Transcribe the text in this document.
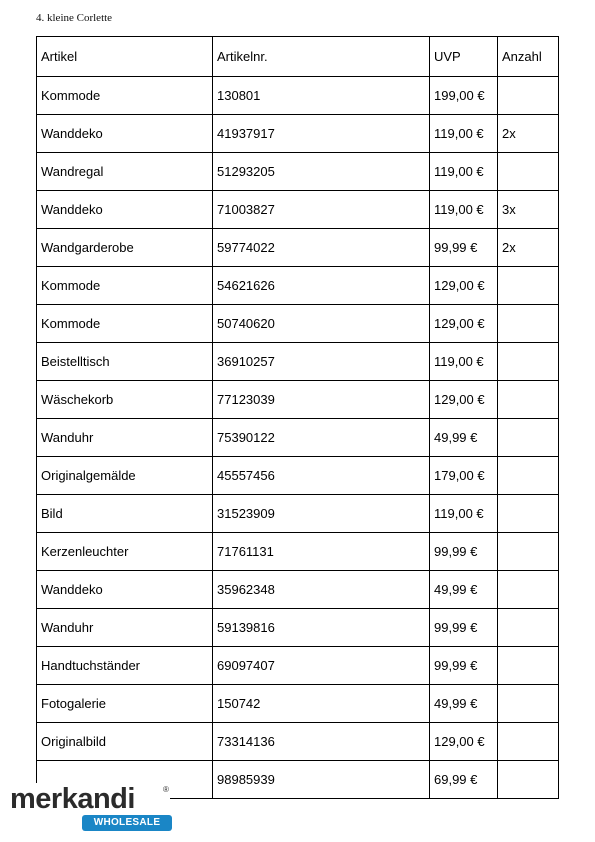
4. kleine Corlette
Artikel	Artikelnr.	UVP	Anzahl
Kommode	130801	199,00 €	
Wanddeko	41937917	119,00 €	2x
Wandregal	51293205	119,00 €	
Wanddeko	71003827	119,00 €	3x
Wandgarderobe	59774022	99,99 €	2x
Kommode	54621626	129,00 €	
Kommode	50740620	129,00 €	
Beistelltisch	36910257	119,00 €	
Wäschekorb	77123039	129,00 €	
Wanduhr	75390122	49,99 €	
Originalgemälde	45557456	179,00 €	
Bild	31523909	119,00 €	
Kerzenleuchter	71761131	99,99 €	
Wanddeko	35962348	49,99 €	
Wanduhr	59139816	99,99 €	
Handtuchständer	69097407	99,99 €	
Fotogalerie	150742	49,99 €	
Originalbild	73314136	129,00 €	
	98985939	69,99 €	
merkandi	®
WHOLESALE
